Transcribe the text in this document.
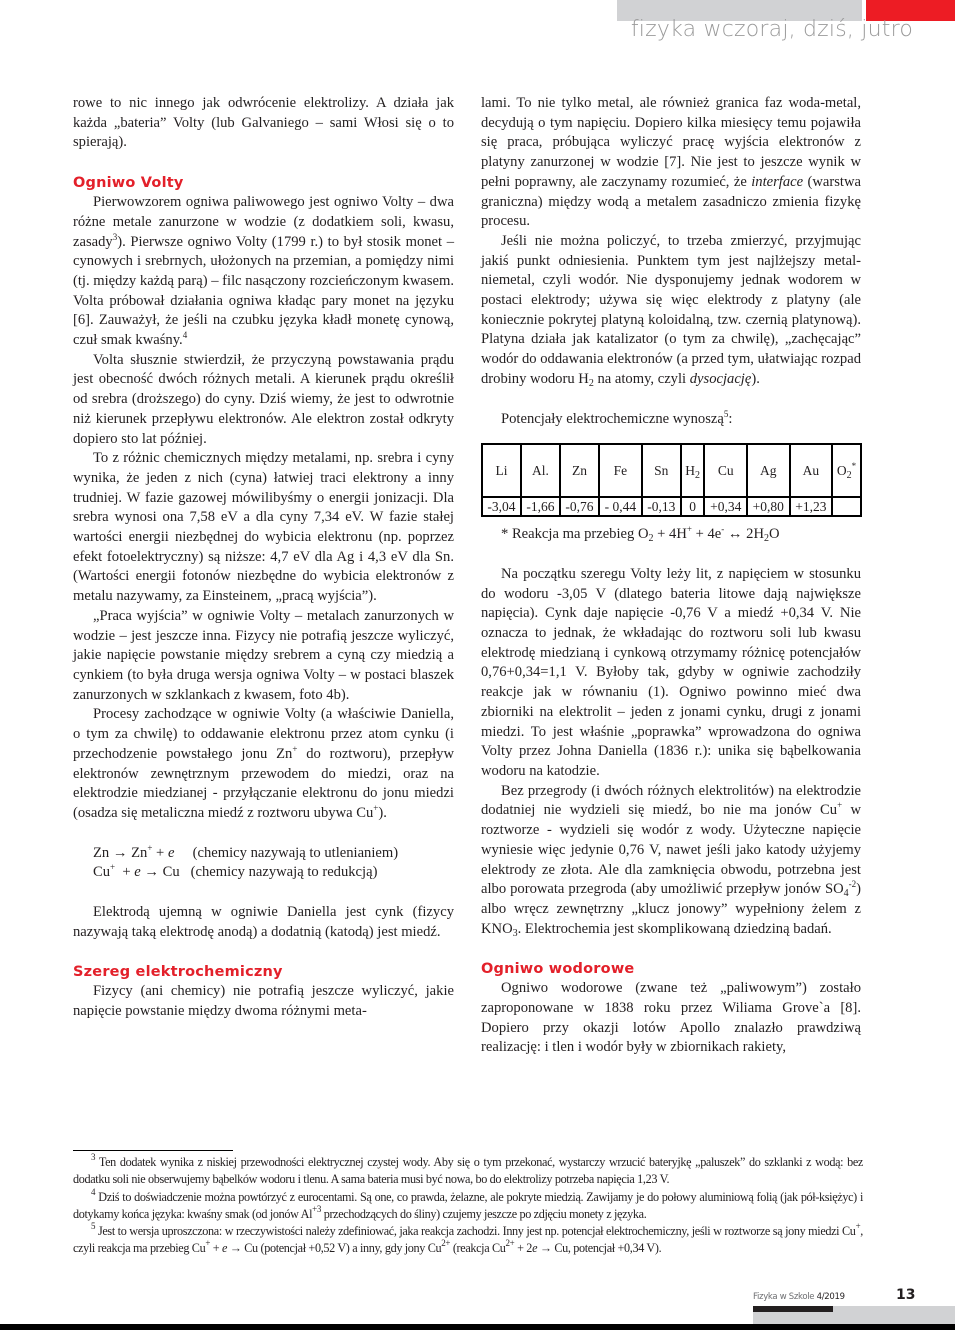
fizyka wczoraj, dziś, jutro

rowe to nic innego jak odwrócenie elektrolizy. A działa jak każda „bateria” Volty (lub Galvaniego – sami Włosi się o to spierają).

Ogniwo Volty

Pierwowzorem ogniwa paliwowego jest ogniwo Volty – dwa różne metale zanurzone w wodzie (z dodatkiem soli, kwasu, zasady$^3$). Pierwsze ogniwo Volty (1799 r.) to był stosik monet – cynowych i srebrnych, ułożonych na przemian, a pomiędzy nimi (tj. między każdą parą) – filc nasączony rozcieńczonym kwasem. Volta próbował działania ogniwa kładąc pary monet na języku [6]. Zauważył, że jeśli na czubku języka kładł monetę cynową, czuł smak kwaśny.$^4$

Volta słusznie stwierdził, że przyczyną powstawania prądu jest obecność dwóch różnych metali. A kierunek prądu określił od srebra (droższego) do cyny. Dziś wiemy, że jest to odwrotnie niż kierunek przepływu elektronów. Ale elektron został odkryty dopiero sto lat później.

To z różnic chemicznych między metalami, np. srebra i cyny wynika, że jeden z nich (cyna) łatwiej traci elektrony a inny trudniej. W fazie gazowej mówilibyśmy o energii jonizacji. Dla srebra wynosi ona 7,58 eV a dla cyny 7,34 eV. W fazie stałej wartości energii niezbędnej do wybicia elektronu (np. poprzez efekt fotoelektryczny) są niższe: 4,7 eV dla Ag i 4,3 eV dla Sn. (Wartości energii fotonów niezbędne do wybicia elektronów z metalu nazywamy, za Einsteinem, „pracą wyjścia”).

„Praca wyjścia” w ogniwie Volty – metalach zanurzonych w wodzie – jest jeszcze inna. Fizycy nie potrafią jeszcze wyliczyć, jakie napięcie powstanie między srebrem a cyną czy miedzią a cynkiem (to była druga wersja ogniwa Volty – w postaci blaszek zanurzonych w szklankach z kwasem, foto 4b).

Procesy zachodzące w ogniwie Volty (a właściwie Daniella, o tym za chwilę) to oddawanie elektronu przez atom cynku (i przechodzenie powstałego jonu Zn+ do roztworu), przepływ elektronów zewnętrznym przewodem do miedzi, oraz na elektrodzie miedzianej - przyłączanie elektronu do jonu miedzi (osadza się metaliczna miedź z roztworu ubywa Cu+).

Zn → Zn+ + e     (chemicy nazywają to utlenianiem)

Cu+  + e → Cu   (chemicy nazywają to redukcją)

Elektrodą ujemną w ogniwie Daniella jest cynk (fizycy nazywają taką elektrodę anodą) a dodatnią (katodą) jest miedź.

Szereg elektrochemiczny

Fizycy (ani chemicy) nie potrafią jeszcze wyliczyć, jakie napięcie powstanie między dwoma różnymi meta-

lami. To nie tylko metal, ale również granica faz woda-metal, decydują o tym napięciu. Dopiero kilka miesięcy temu pojawiła się praca, próbująca wyliczyć pracę wyjścia elektronów z platyny zanurzonej w wodzie [7]. Nie jest to jeszcze wynik w pełni poprawny, ale zaczynamy rozumieć, że interface (warstwa graniczna) między wodą a metalem zasadniczo zmienia fizykę procesu.

Jeśli nie można policzyć, to trzeba zmierzyć, przyjmując jakiś punkt odniesienia. Punktem tym jest najlżejszy metal-niemetal, czyli wodór. Nie dysponujemy jednak wodorem w postaci elektrody; używa się więc elektrody z platyny (ale koniecznie pokrytej platyną koloidalną, tzw. czernią platynową). Platyna działa jak katalizator (o tym za chwilę), „zachęcając” wodór do oddawania elektronów (a przed tym, ułatwiając rozpad drobiny wodoru $H_2$ na atomy, czyli dysocjację).

Potencjały elektrochemiczne wynoszą$^5$:

Li	Al.	Zn	Fe	Sn	$H_2$	Cu	Ag	Au	$O_2^*$

-3,04	-1,66	-0,76	- 0,44	-0,13	0	+0,34	+0,80	+1,23	

* Reakcja ma przebieg $O_2 + 4H^+ + 4e^-$ ↔ $2H_2O$

Na początku szeregu Volty leży lit, z napięciem w stosunku do wodoru -3,05 V (dlatego bateria litowe dają największe napięcia). Cynk daje napięcie -0,76 V a miedź +0,34 V. Nie oznacza to jednak, że wkładając do roztworu soli lub kwasu elektrodę miedzianą i cynkową otrzymamy różnicę potencjałów 0,76+0,34=1,1 V. Byłoby tak, gdyby w ogniwie zachodziły reakcje jak w równaniu (1). Ogniwo powinno mieć dwa zbiorniki na elektrolit – jeden z jonami cynku, drugi z jonami miedzi. To jest właśnie „poprawka” wprowadzona do ogniwa Volty przez Johna Daniella (1836 r.): unika się bąbelkowania wodoru na katodzie.

Bez przegrody (i dwóch różnych elektrolitów) na elektrodzie dodatniej nie wydzieli się miedź, bo nie ma jonów Cu+ w roztworze - wydzieli się wodór z wody. Użyteczne napięcie wyniesie więc jedynie 0,76 V, nawet jeśli jako katody użyjemy elektrody ze złota. Ale dla zamknięcia obwodu, potrzebna jest albo porowata przegroda (aby umożliwić przepływ jonów $SO_4^{-2}$) albo wręcz zewnętrzny „klucz jonowy” wypełniony żelem z $KNO_3$. Elektrochemia jest skomplikowaną dziedziną badań.

Ogniwo wodorowe

Ogniwo wodorowe (zwane też „paliwowym”) zostało zaproponowane w 1838 roku przez Wiliama Grove`a [8]. Dopiero przy okazji lotów Apollo znalazło prawdziwą realizację: i tlen i wodór były w zbiornikach rakiety,

$^3$ Ten dodatek wynika z niskiej przewodności elektrycznej czystej wody. Aby się o tym przekonać, wystarczy wrzucić bateryjkę „paluszek” do szklanki z wodą: bez dodatku soli nie obserwujemy bąbelków wodoru i tlenu. A sama bateria musi być nowa, bo do elektrolizy potrzeba napięcia 1,23 V.

$^4$ Dziś to doświadczenie można powtórzyć z eurocentami. Są one, co prawda, żelazne, ale pokryte miedzią. Zawijamy je do połowy aluminiową folią (jak pół-księżyc) i dotykamy końca języka: kwaśny smak (od jonów $Al^{+3}$ przechodzących do śliny) czujemy jeszcze po zdjęciu monety z języka.

$^5$ Jest to wersja uproszczona: w rzeczywistości należy zdefiniować, jaka reakcja zachodzi. Inny jest np. potencjał elektrochemiczny, jeśli w roztworze są jony miedzi Cu+, czyli reakcja ma przebieg Cu+ + e → Cu (potencjał +0,52 V) a inny, gdy jony $Cu^{2+}$ (reakcja $Cu^{2+} + 2e \to Cu$, potencjał +0,34 V).

Fizyka w Szkole 4/2019	13
